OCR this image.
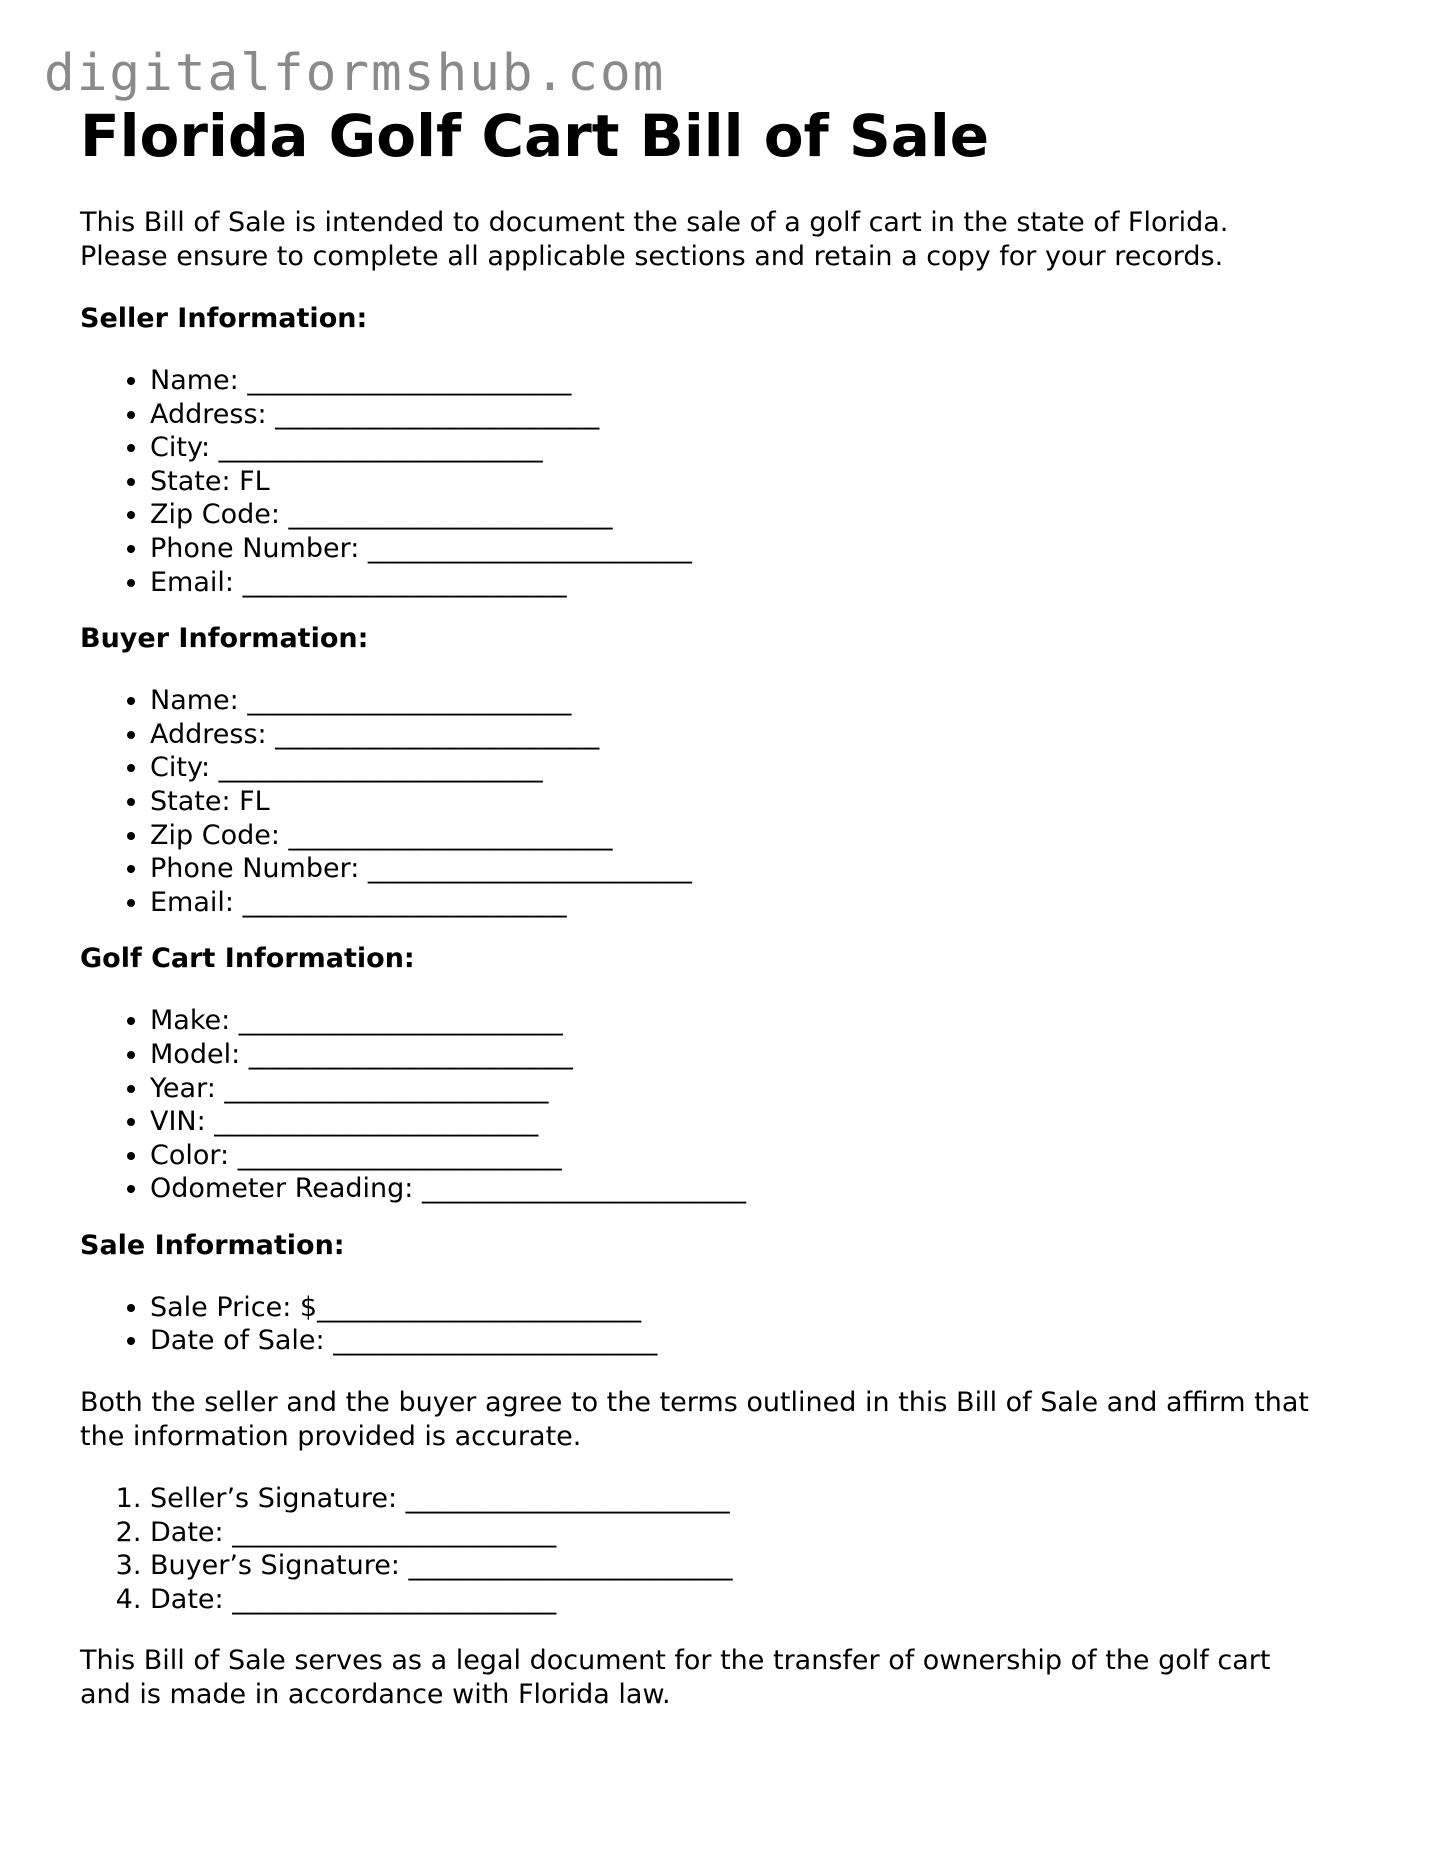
digitalformshub.com
Florida Golf Cart Bill of Sale

This Bill of Sale is intended to document the sale of a golf cart in the state of Florida.
Please ensure to complete all applicable sections and retain a copy for your records.

Seller Information:
• Name: ________________________
• Address: ________________________
• City: ________________________
• State: FL
• Zip Code: ________________________
• Phone Number: ________________________
• Email: ________________________
Buyer Information:
• Name: ________________________
• Address: ________________________
• City: ________________________
• State: FL
• Zip Code: ________________________
• Phone Number: ________________________
• Email: ________________________
Golf Cart Information:
• Make: ________________________
• Model: ________________________
• Year: ________________________
• VIN: ________________________
• Color: ________________________
• Odometer Reading: ________________________
Sale Information:
• Sale Price: $________________________
• Date of Sale: ________________________

Both the seller and the buyer agree to the terms outlined in this Bill of Sale and affirm that
the information provided is accurate.

1. Seller’s Signature: ________________________
2. Date: ________________________
3. Buyer’s Signature: ________________________
4. Date: ________________________

This Bill of Sale serves as a legal document for the transfer of ownership of the golf cart
and is made in accordance with Florida law.
